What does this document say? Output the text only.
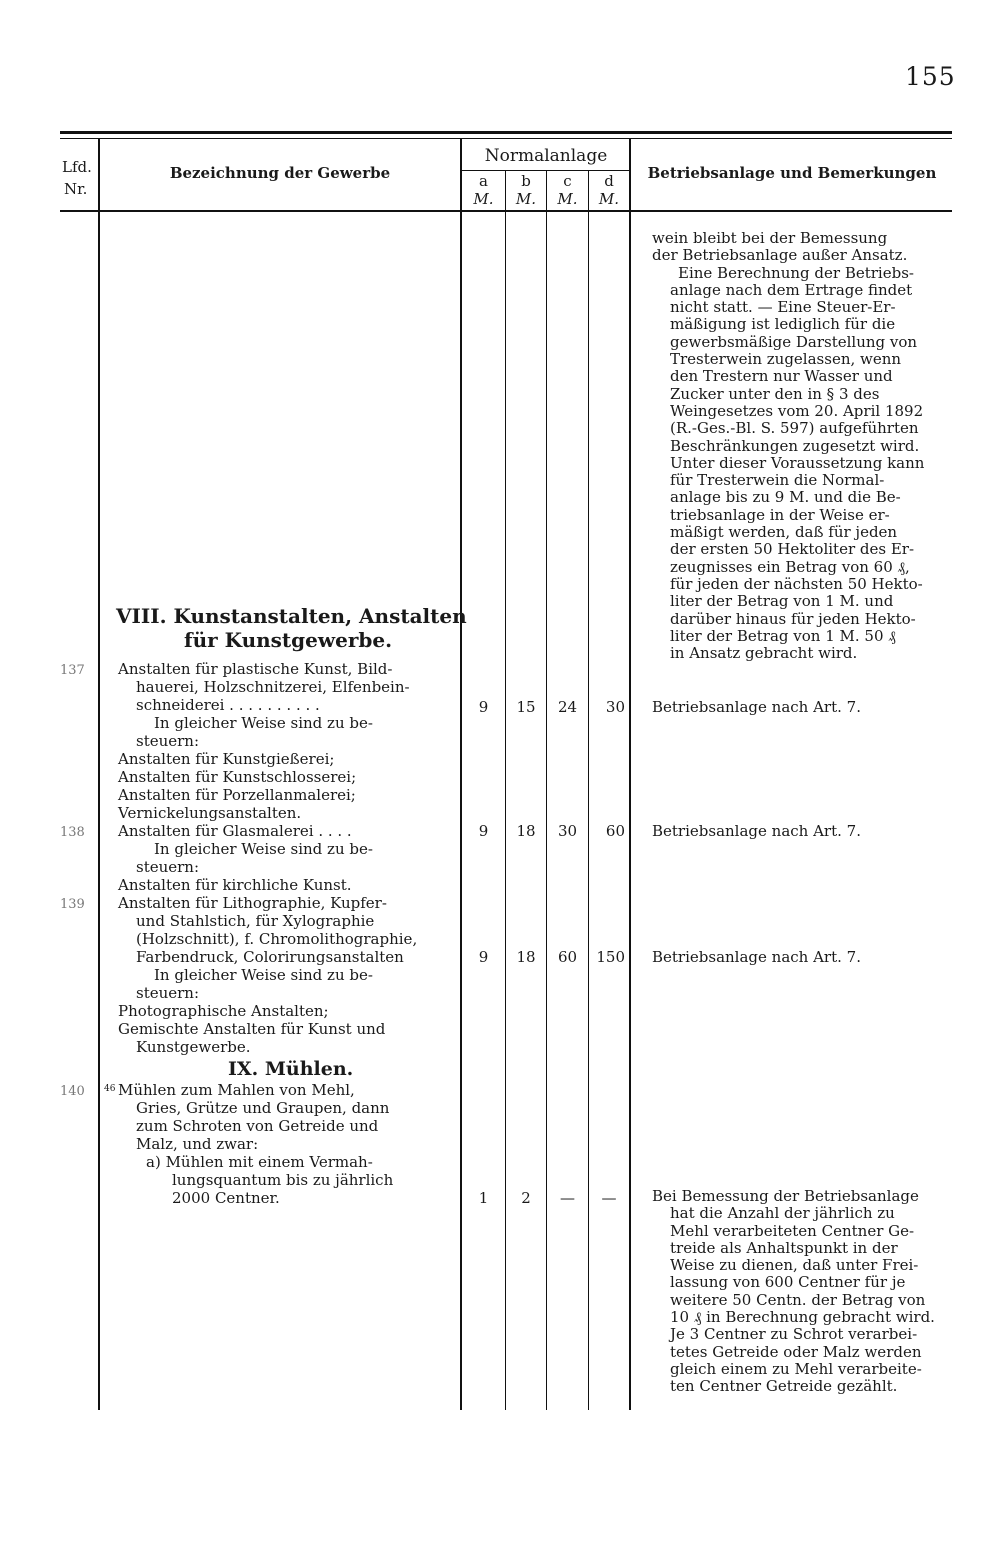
155
Lfd.
Nr.
Bezeichnung der Gewerbe
Normalanlage
a	b	c	d
M.	M.	M.	M.
Betriebsanlage und Bemerkungen
wein bleibt bei der Bemessung
der Betriebsanlage außer Ansatz.
Eine Berechnung der Betriebs-
anlage nach dem Ertrage findet
nicht statt. — Eine Steuer-Er-
mäßigung ist lediglich für die
gewerbsmäßige Darstellung von
Tresterwein zugelassen, wenn
den Trestern nur Wasser und
Zucker unter den in § 3 des
Weingesetzes vom 20. April 1892
(R.-Ges.-Bl. S. 597) aufgeführten
Beschränkungen zugesetzt wird.
Unter dieser Voraussetzung kann
für Tresterwein die Normal-
anlage bis zu 9 M. und die Be-
triebsanlage in der Weise er-
mäßigt werden, daß für jeden
der ersten 50 Hektoliter des Er-
zeugnisses ein Betrag von 60 ₰,
für jeden der nächsten 50 Hekto-
liter der Betrag von 1 M. und
darüber hinaus für jeden Hekto-
liter der Betrag von 1 M. 50 ₰
in Ansatz gebracht wird.
VIII. Kunstanstalten, Anstalten
für Kunstgewerbe.
137 Anstalten für plastische Kunst, Bild-
hauerei, Holzschnitzerei, Elfenbein-
schneiderei . . . . . . . . . .
In gleicher Weise sind zu be-
steuern:
Anstalten für Kunstgießerei;
Anstalten für Kunstschlosserei;
Anstalten für Porzellanmalerei;
Vernickelungsanstalten.
9	15	24	30 Betriebsanlage nach Art. 7.
138 Anstalten für Glasmalerei . . . .
In gleicher Weise sind zu be-
steuern:
Anstalten für kirchliche Kunst.
9	18	30	60 Betriebsanlage nach Art. 7.
139 Anstalten für Lithographie, Kupfer-
und Stahlstich, für Xylographie
(Holzschnitt), f. Chromolithographie,
Farbendruck, Colorirungsanstalten
In gleicher Weise sind zu be-
steuern:
Photographische Anstalten;
Gemischte Anstalten für Kunst und
Kunstgewerbe.
9	18	60	150 Betriebsanlage nach Art. 7.
IX. Mühlen.
140 46 Mühlen zum Mahlen von Mehl,
Gries, Grütze und Graupen, dann
zum Schroten von Getreide und
Malz, und zwar:
a) Mühlen mit einem Vermah-
lungsquantum bis zu jährlich
2000 Centner.	1	2	—	—	Bei Bemessung der Betriebsanlage
hat die Anzahl der jährlich zu
Mehl verarbeiteten Centner Ge-
treide als Anhaltspunkt in der
Weise zu dienen, daß unter Frei-
lassung von 600 Centner für je
weitere 50 Centn. der Betrag von
10 ₰ in Berechnung gebracht wird.
Je 3 Centner zu Schrot verarbei-
tetes Getreide oder Malz werden
gleich einem zu Mehl verarbeite-
ten Centner Getreide gezählt.
